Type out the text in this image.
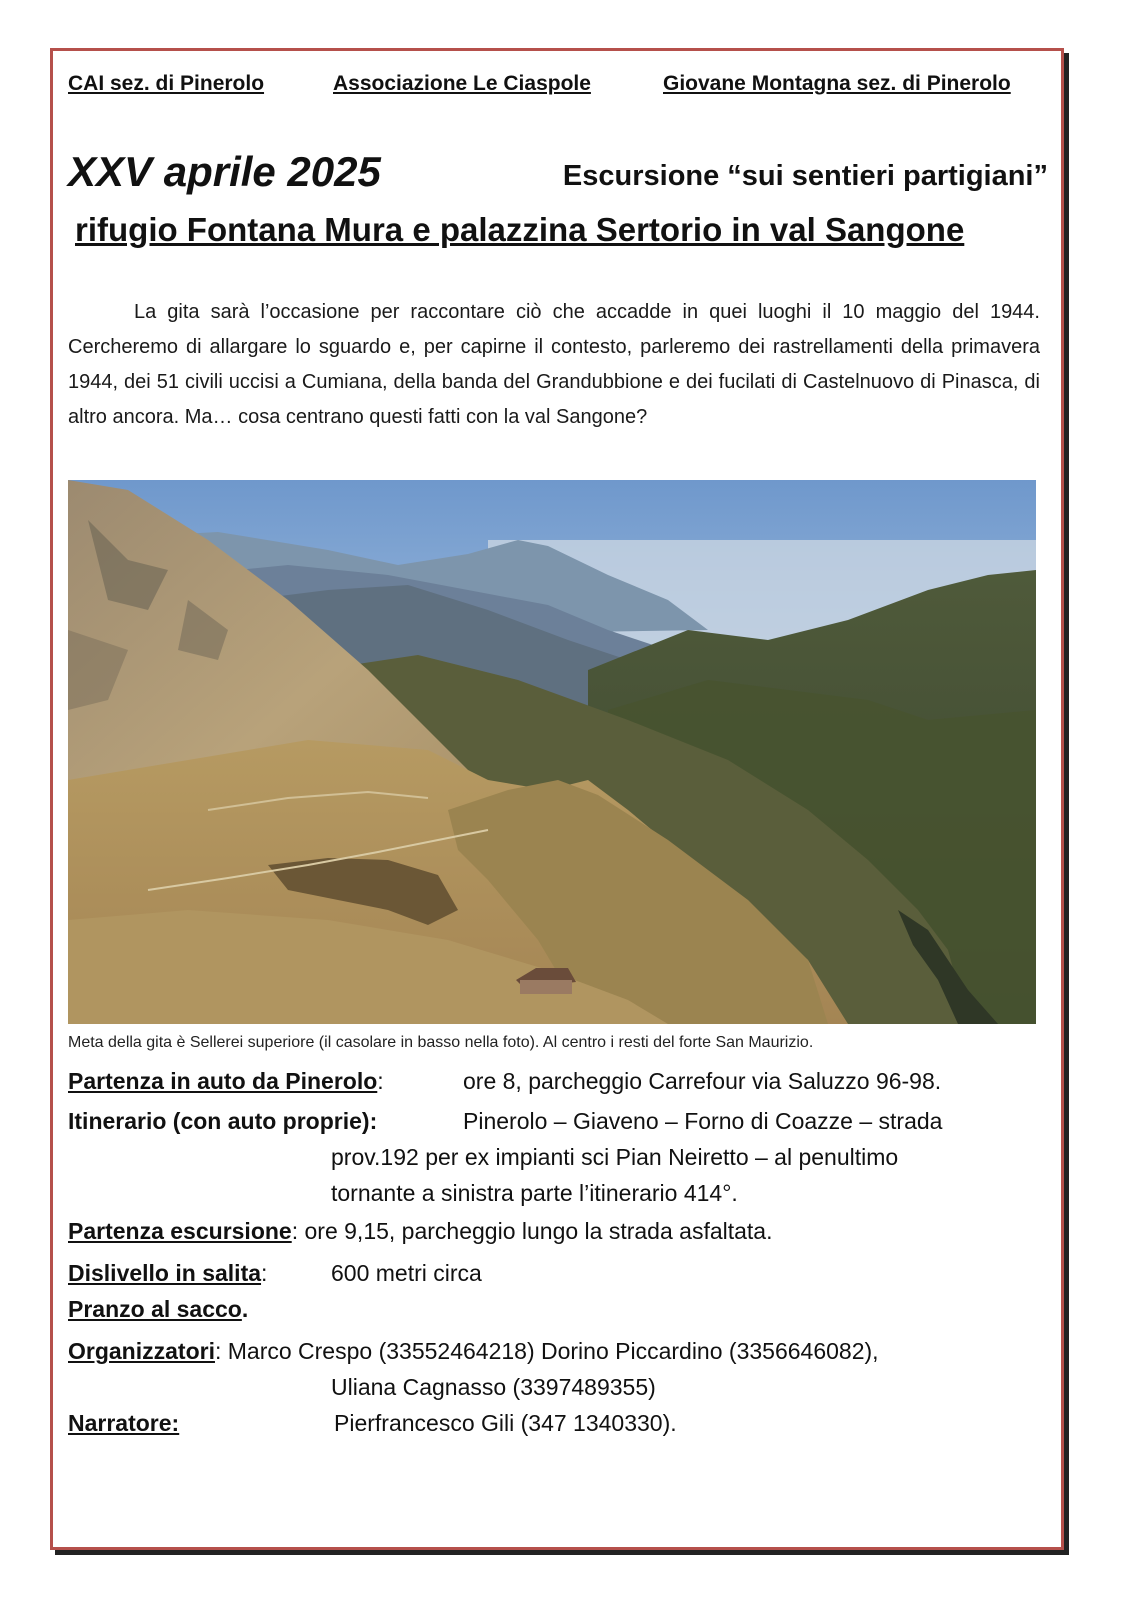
CAI sez. di Pinerolo	Associazione Le Ciaspole	Giovane Montagna sez. di Pinerolo
XXV aprile 2025	Escursione “sui sentieri partigiani”
rifugio Fontana Mura e palazzina Sertorio in val Sangone

La gita sarà l’occasione per raccontare ciò che accadde in quei luoghi il 10 maggio del 1944. Cercheremo di allargare lo sguardo e, per capirne il contesto, parleremo dei rastrellamenti della primavera 1944, dei 51 civili uccisi a Cumiana, della banda del Grandubbione e dei fucilati di Castelnuovo di Pinasca, di altro ancora. Ma… cosa centrano questi fatti con la val Sangone?

Meta della gita è Sellerei superiore (il casolare in basso nella foto). Al centro i resti del forte San Maurizio.
Partenza in auto da Pinerolo:	ore 8, parcheggio Carrefour via Saluzzo 96-98.
Itinerario (con auto proprie):	Pinerolo – Giaveno – Forno di Coazze – strada
prov.192 per ex impianti sci Pian Neiretto – al penultimo
tornante a sinistra parte l’itinerario 414°.
Partenza escursione: ore 9,15, parcheggio lungo la strada asfaltata.
Dislivello in salita:	600 metri circa
Pranzo al sacco.
Organizzatori: Marco Crespo (33552464218) Dorino Piccardino (3356646082),
Uliana Cagnasso (3397489355)
Narratore:	Pierfrancesco Gili (347 1340330).
